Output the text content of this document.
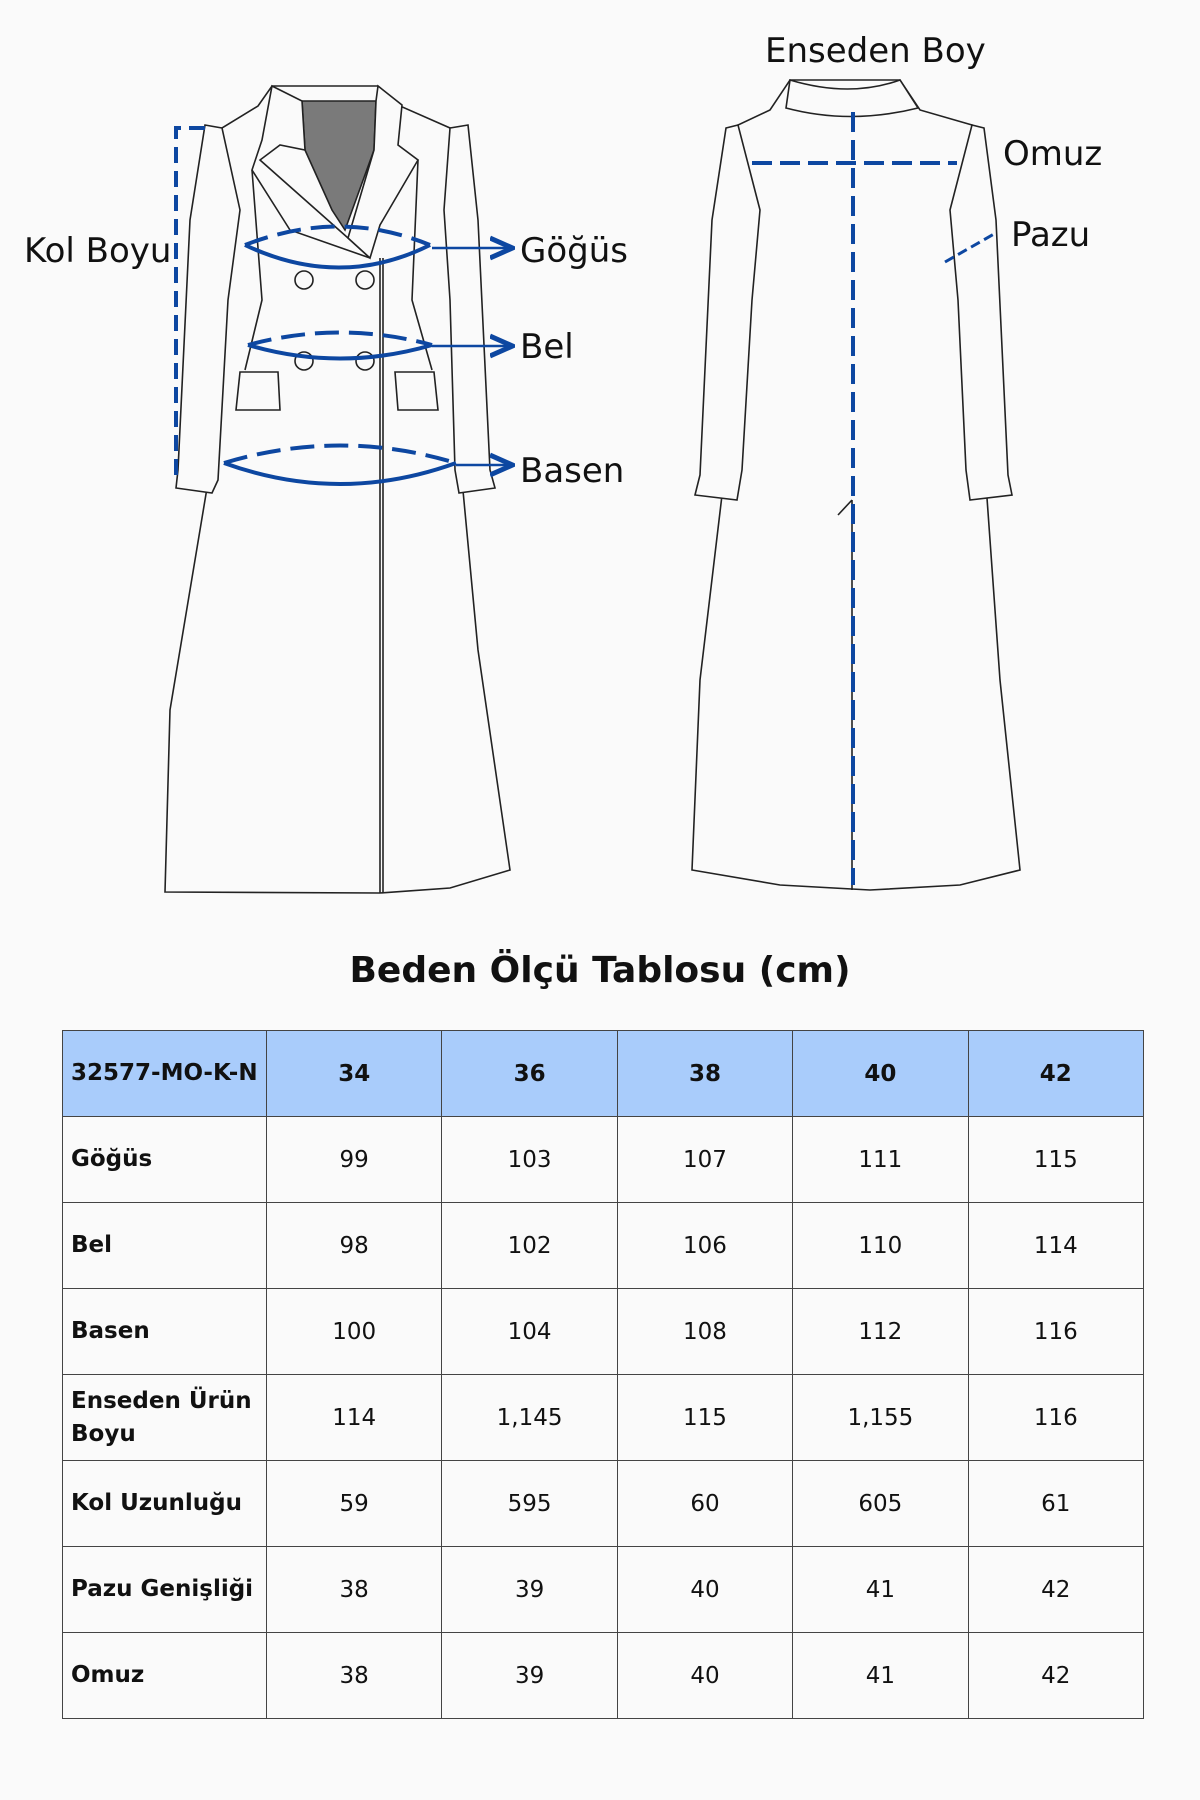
Kol Boyu	Göğüs
Bel
Basen
Enseden Boy
Omuz
Pazu
Beden Ölçü Tablosu (cm)
32577-MO-K-N	34	36	38	40	42
Göğüs	99	103	107	111	115
Bel	98	102	106	110	114
Basen	100	104	108	112	116
Enseden Ürün Boyu	114	1,145	115	1,155	116
Kol Uzunluğu	59	595	60	605	61
Pazu Genişliği	38	39	40	41	42
Omuz	38	39	40	41	42
